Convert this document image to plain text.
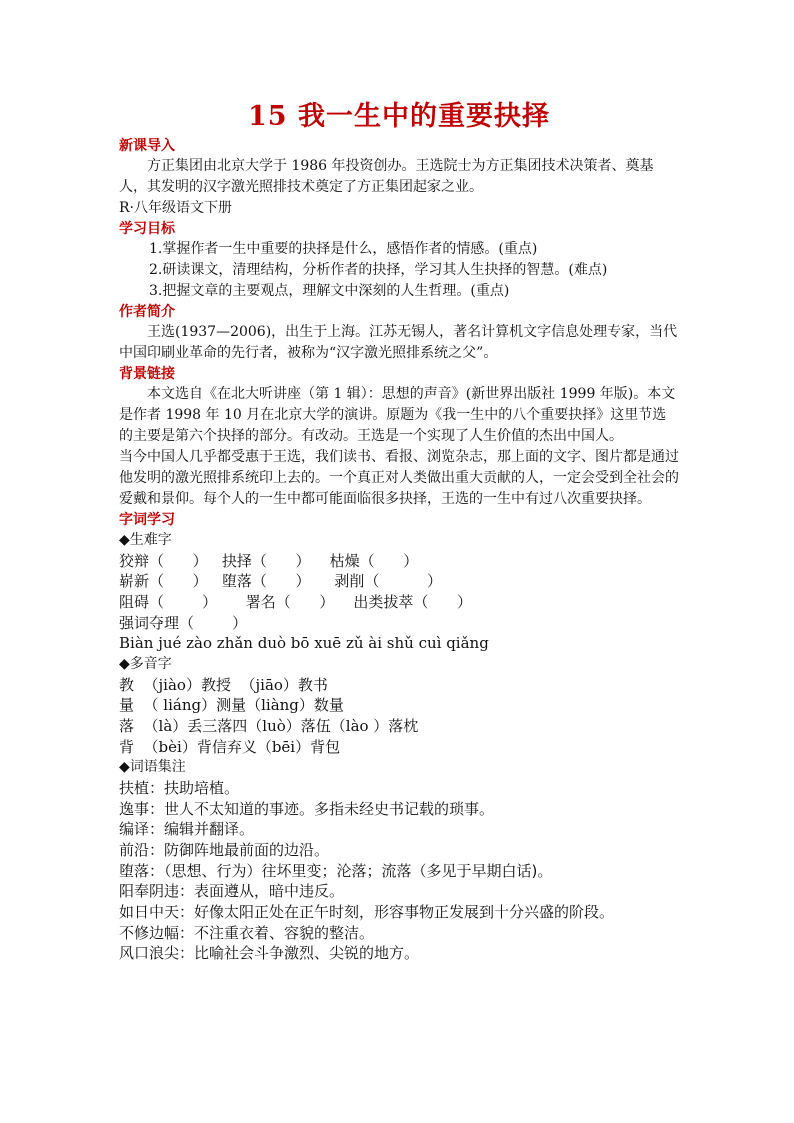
15 我一生中的重要抉择
新课导入
方正集团由北京大学于 1986 年投资创办。王选院士为方正集团技术决策者、奠基人，其发明的汉字激光照排技术奠定了方正集团起家之业。
R·八年级语文下册
学习目标
1.掌握作者一生中重要的抉择是什么，感悟作者的情感。(重点)
2.研读课文，清理结构，分析作者的抉择，学习其人生抉择的智慧。(难点)
3.把握文章的主要观点，理解文中深刻的人生哲理。(重点)
作者简介
王选(1937—2006)，出生于上海。江苏无锡人，著名计算机文字信息处理专家，当代中国印刷业革命的先行者，被称为“汉字激光照排系统之父”。
背景链接
本文选自《在北大听讲座（第 1 辑）：思想的声音》(新世界出版社 1999 年版)。本文是作者 1998 年 10 月在北京大学的演讲。原题为《我一生中的八个重要抉择》这里节选的主要是第六个抉择的部分。有改动。王选是一个实现了人生价值的杰出中国人。
当今中国人几乎都受惠于王选，我们读书、看报、浏览杂志，那上面的文字、图片都是通过他发明的激光照排系统印上去的。一个真正对人类做出重大贡献的人，一定会受到全社会的爱戴和景仰。每个人的一生中都可能面临很多抉择，王选的一生中有过八次重要抉择。
字词学习
◆生难字
狡辩（      ）   抉择（      ）    枯燥（      ）
崭新（      ）   堕落（      ）     剥削（          ）
阻碍（        ）      署名（      ）    出类拔萃（      ）
强词夺理（        ）
Biàn jué zào zhǎn duò bō xuē zǔ ài shǔ cuì qiǎng
◆多音字
教  （jiào）教授  （jiāo）教书
量  （ liáng）测量（liàng）数量
落  （là）丢三落四（luò）落伍（lào ）落枕
背  （bèi）背信弃义（bēi）背包
◆词语集注
扶植：扶助培植。
逸事：世人不太知道的事迹。多指未经史书记载的琐事。
编译：编辑并翻译。
前沿：防御阵地最前面的边沿。
堕落：（思想、行为）往坏里变；沦落；流落（多见于早期白话)。
阳奉阴违：表面遵从，暗中违反。
如日中天：好像太阳正处在正午时刻，形容事物正发展到十分兴盛的阶段。
不修边幅：不注重衣着、容貌的整洁。
风口浪尖：比喻社会斗争激烈、尖锐的地方。
